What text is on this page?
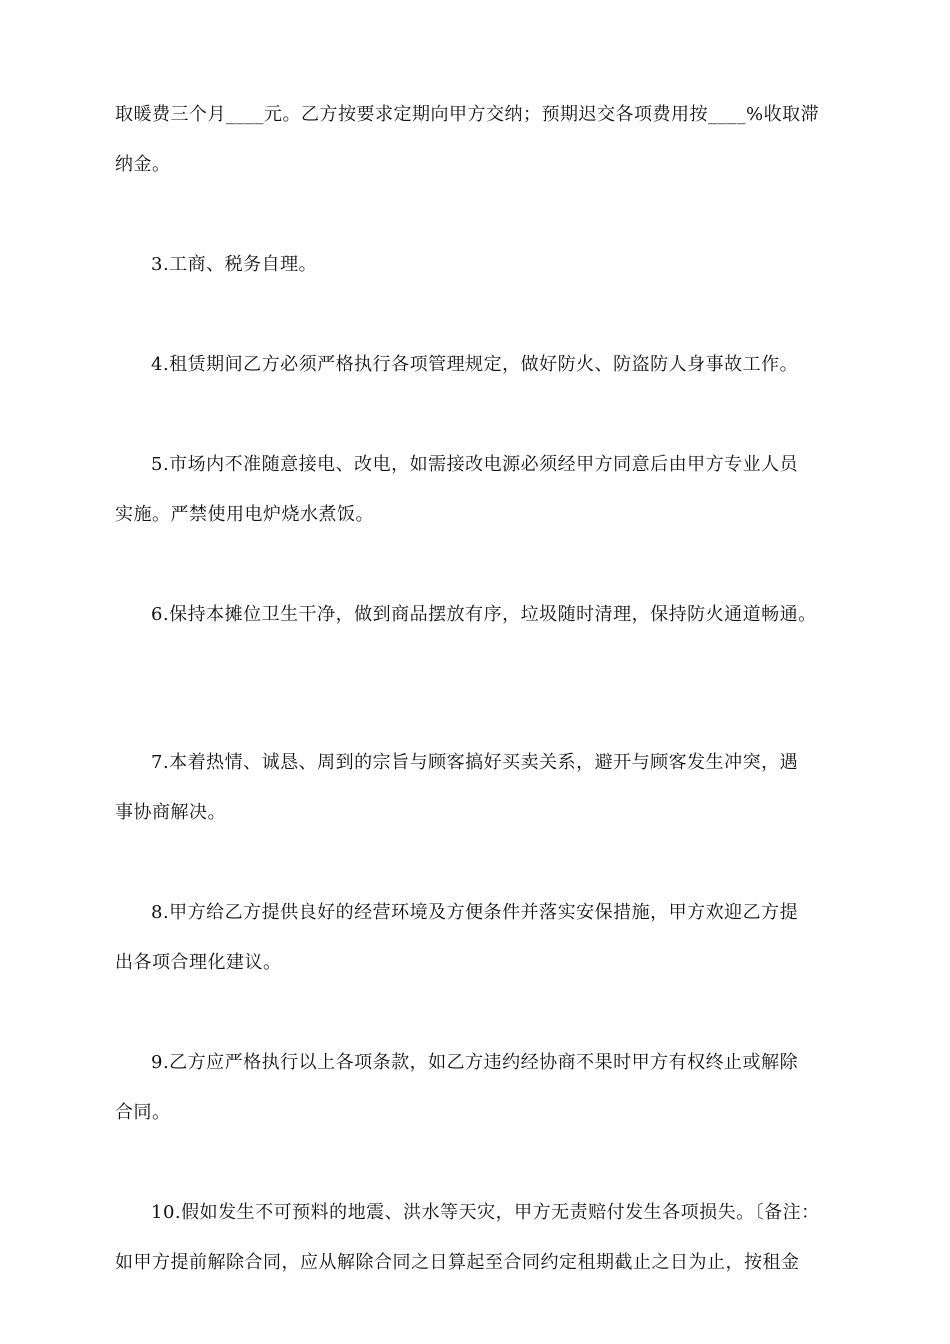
取暖费三个月____元。乙方按要求定期向甲方交纳；预期迟交各项费用按____%收取滞
纳金。
3.工商、税务自理。
4.租赁期间乙方必须严格执行各项管理规定，做好防火、防盗防人身事故工作。
5.市场内不准随意接电、改电，如需接改电源必须经甲方同意后由甲方专业人员
实施。严禁使用电炉烧水煮饭。
6.保持本摊位卫生干净，做到商品摆放有序，垃圾随时清理，保持防火通道畅通。
7.本着热情、诚恳、周到的宗旨与顾客搞好买卖关系，避开与顾客发生冲突，遇
事协商解决。
8.甲方给乙方提供良好的经营环境及方便条件并落实安保措施，甲方欢迎乙方提
出各项合理化建议。
9.乙方应严格执行以上各项条款，如乙方违约经协商不果时甲方有权终止或解除
合同。
10.假如发生不可预料的地震、洪水等天灾，甲方无责赔付发生各项损失。〔备注：
如甲方提前解除合同，应从解除合同之日算起至合同约定租期截止之日为止，按租金
